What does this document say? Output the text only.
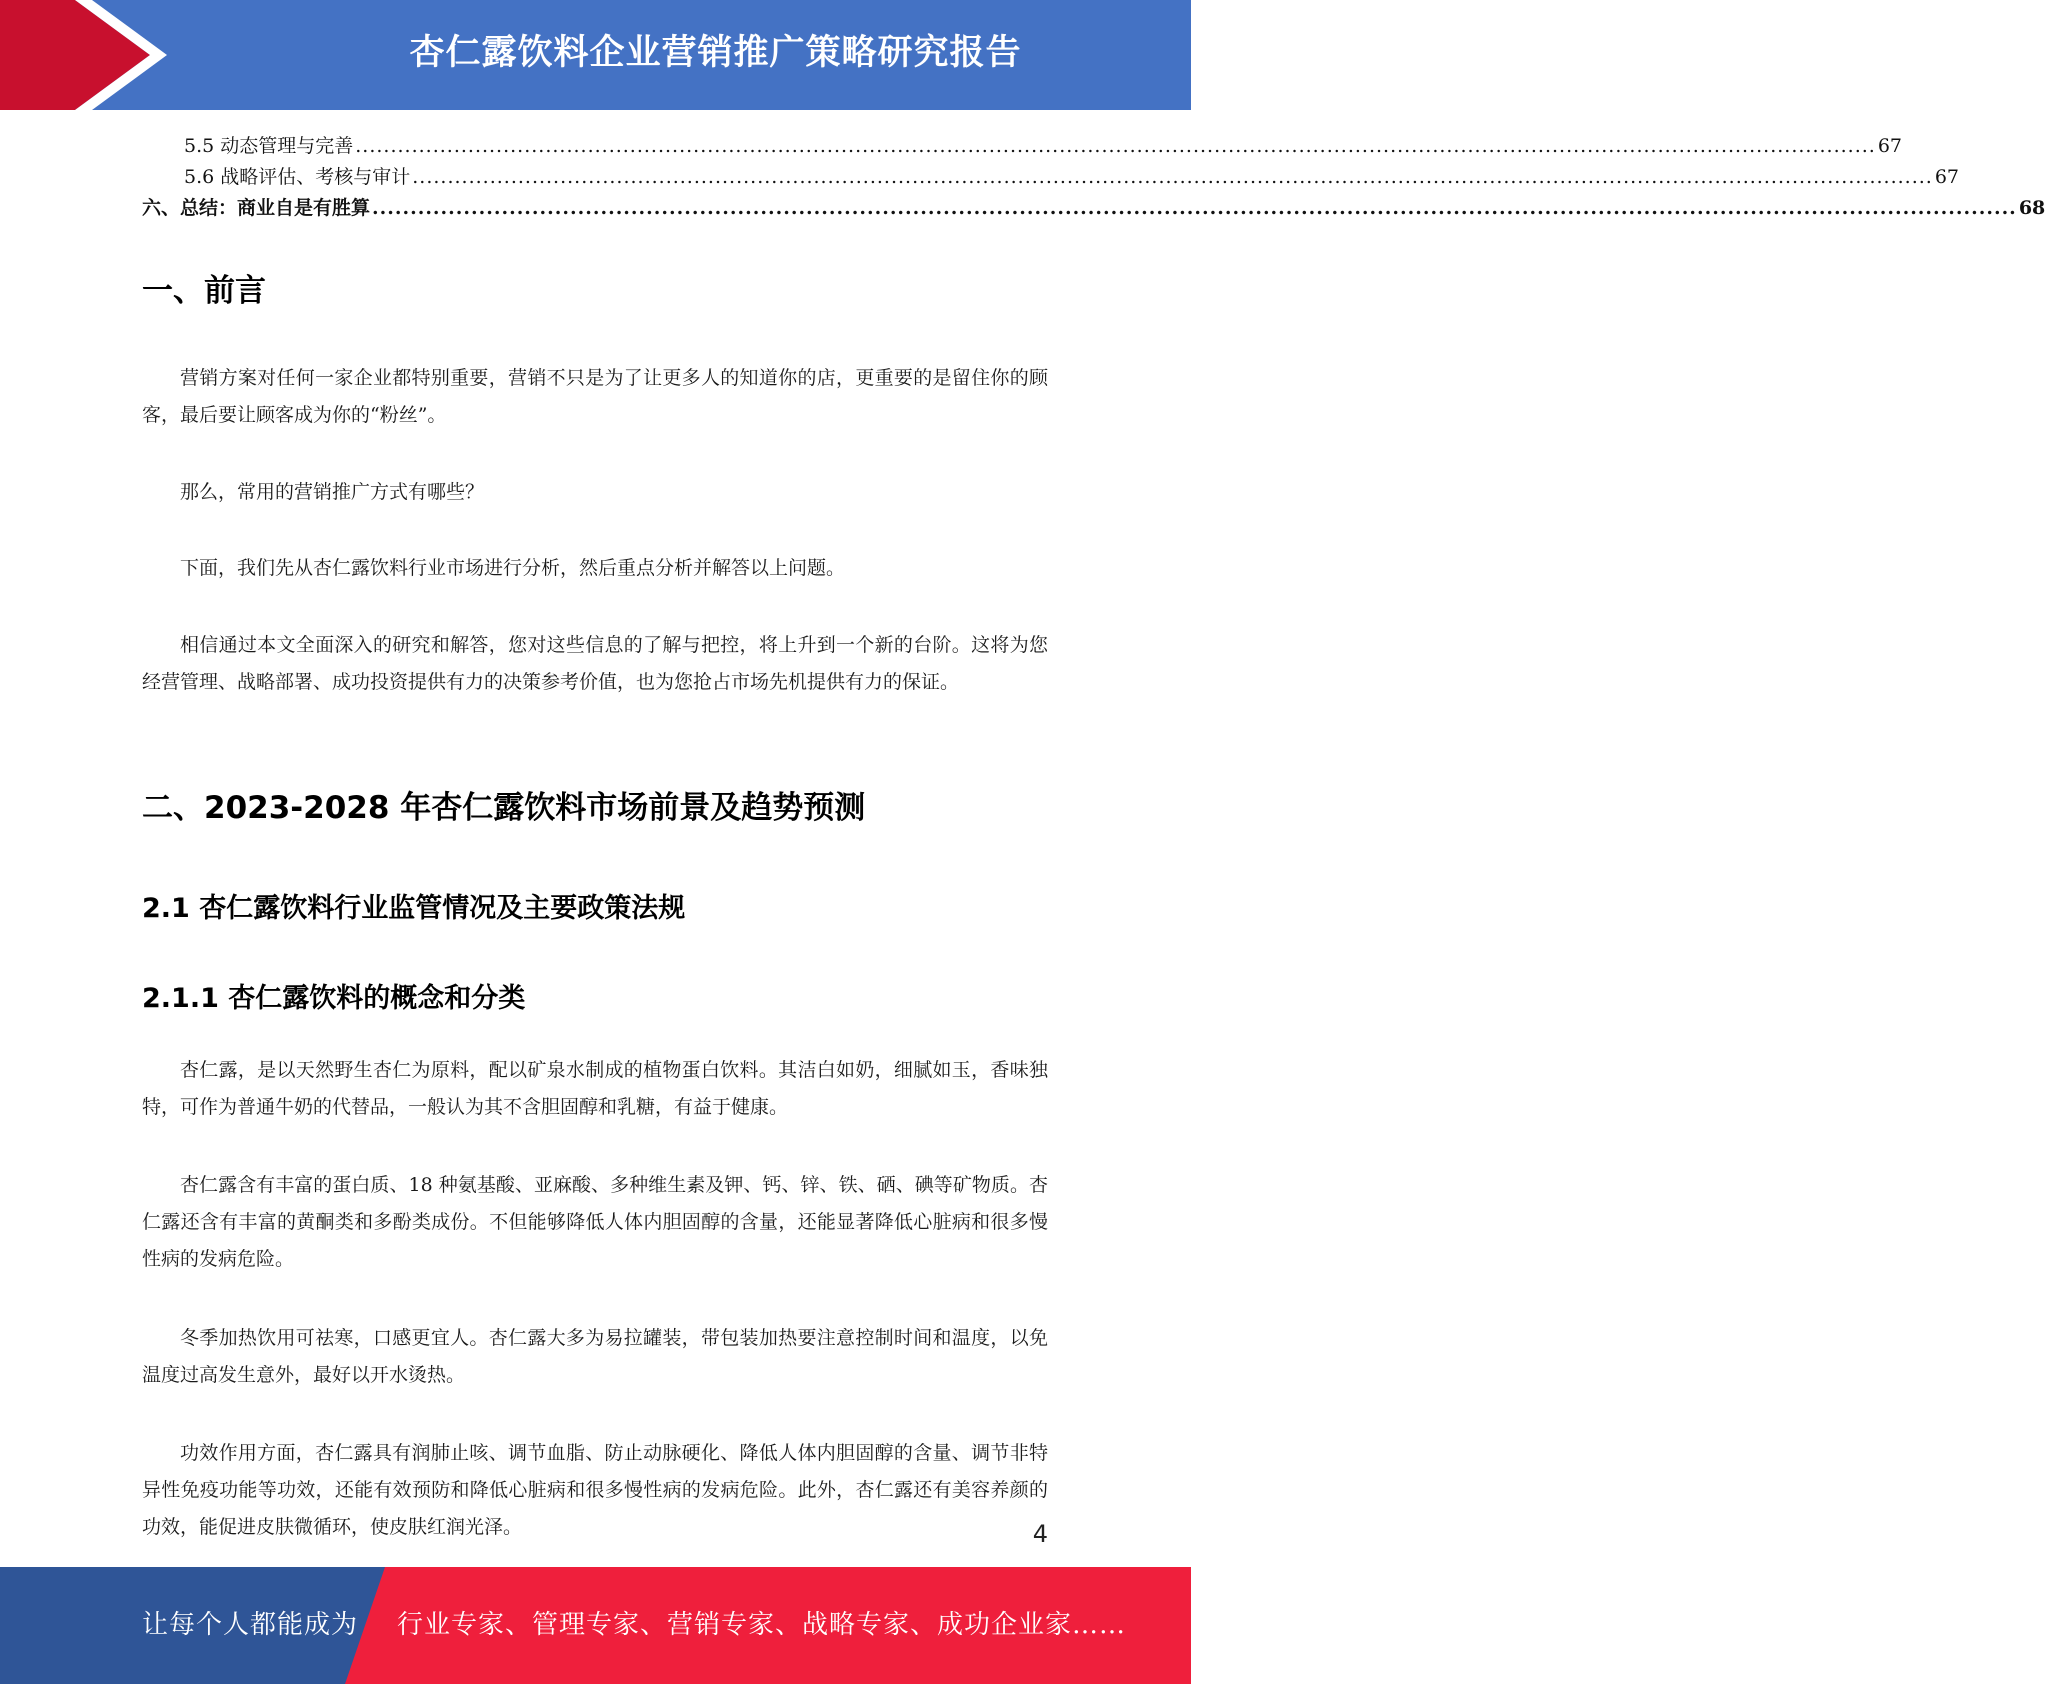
杏仁露饮料企业营销推广策略研究报告
5.5 动态管理与完善 ........................................................................................................................................................................................................................ 67
5.6 战略评估、考核与审计 ........................................................................................................................................................................................................................ 67
六、总结：商业自是有胜算 ........................................................................................................................................................................................................................ 68
一、前言

营销方案对任何一家企业都特别重要，营销不只是为了让更多人的知道你的店，更重要的是留住你的顾客，最后要让顾客成为你的“粉丝”。

那么，常用的营销推广方式有哪些？

下面，我们先从杏仁露饮料行业市场进行分析，然后重点分析并解答以上问题。

相信通过本文全面深入的研究和解答，您对这些信息的了解与把控，将上升到一个新的台阶。这将为您经营管理、战略部署、成功投资提供有力的决策参考价值，也为您抢占市场先机提供有力的保证。

二、2023-2028 年杏仁露饮料市场前景及趋势预测
2.1 杏仁露饮料行业监管情况及主要政策法规
2.1.1 杏仁露饮料的概念和分类

杏仁露，是以天然野生杏仁为原料，配以矿泉水制成的植物蛋白饮料。其洁白如奶，细腻如玉，香味独特，可作为普通牛奶的代替品，一般认为其不含胆固醇和乳糖，有益于健康。

杏仁露含有丰富的蛋白质、18 种氨基酸、亚麻酸、多种维生素及钾、钙、锌、铁、硒、碘等矿物质。杏仁露还含有丰富的黄酮类和多酚类成份。不但能够降低人体内胆固醇的含量，还能显著降低心脏病和很多慢性病的发病危险。

冬季加热饮用可祛寒，口感更宜人。杏仁露大多为易拉罐装，带包装加热要注意控制时间和温度，以免温度过高发生意外，最好以开水烫热。

功效作用方面，杏仁露具有润肺止咳、调节血脂、防止动脉硬化、降低人体内胆固醇的含量、调节非特异性免疫功能等功效，还能有效预防和降低心脏病和很多慢性病的发病危险。此外，杏仁露还有美容养颜的功效，能促进皮肤微循环，使皮肤红润光泽。	4
让每个人都能成为 行业专家、管理专家、营销专家、战略专家、成功企业家……
